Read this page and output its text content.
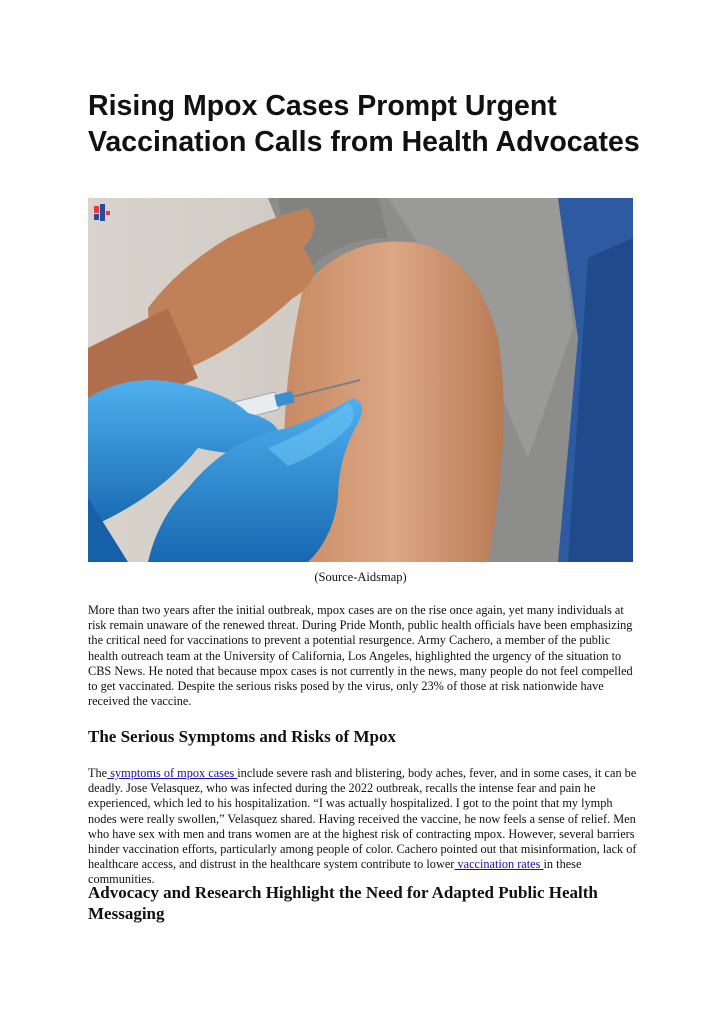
Rising Mpox Cases Prompt Urgent Vaccination Calls from Health Advocates
(Source-Aidsmap)

More than two years after the initial outbreak, mpox cases are on the rise once again, yet many individuals at risk remain unaware of the renewed threat. During Pride Month, public health officials have been emphasizing the critical need for vaccinations to prevent a potential resurgence. Army Cachero, a member of the public health outreach team at the University of California, Los Angeles, highlighted the urgency of the situation to CBS News. He noted that because mpox cases is not currently in the news, many people do not feel compelled to get vaccinated. Despite the serious risks posed by the virus, only 23% of those at risk nationwide have received the vaccine.

The Serious Symptoms and Risks of Mpox

The symptoms of mpox cases include severe rash and blistering, body aches, fever, and in some cases, it can be deadly. Jose Velasquez, who was infected during the 2022 outbreak, recalls the intense fear and pain he experienced, which led to his hospitalization. “I was actually hospitalized. I got to the point that my lymph nodes were really swollen,” Velasquez shared. Having received the vaccine, he now feels a sense of relief. Men who have sex with men and trans women are at the highest risk of contracting mpox. However, several barriers hinder vaccination efforts, particularly among people of color. Cachero pointed out that misinformation, lack of healthcare access, and distrust in the healthcare system contribute to lower vaccination rates in these communities.

Advocacy and Research Highlight the Need for Adapted Public Health Messaging
